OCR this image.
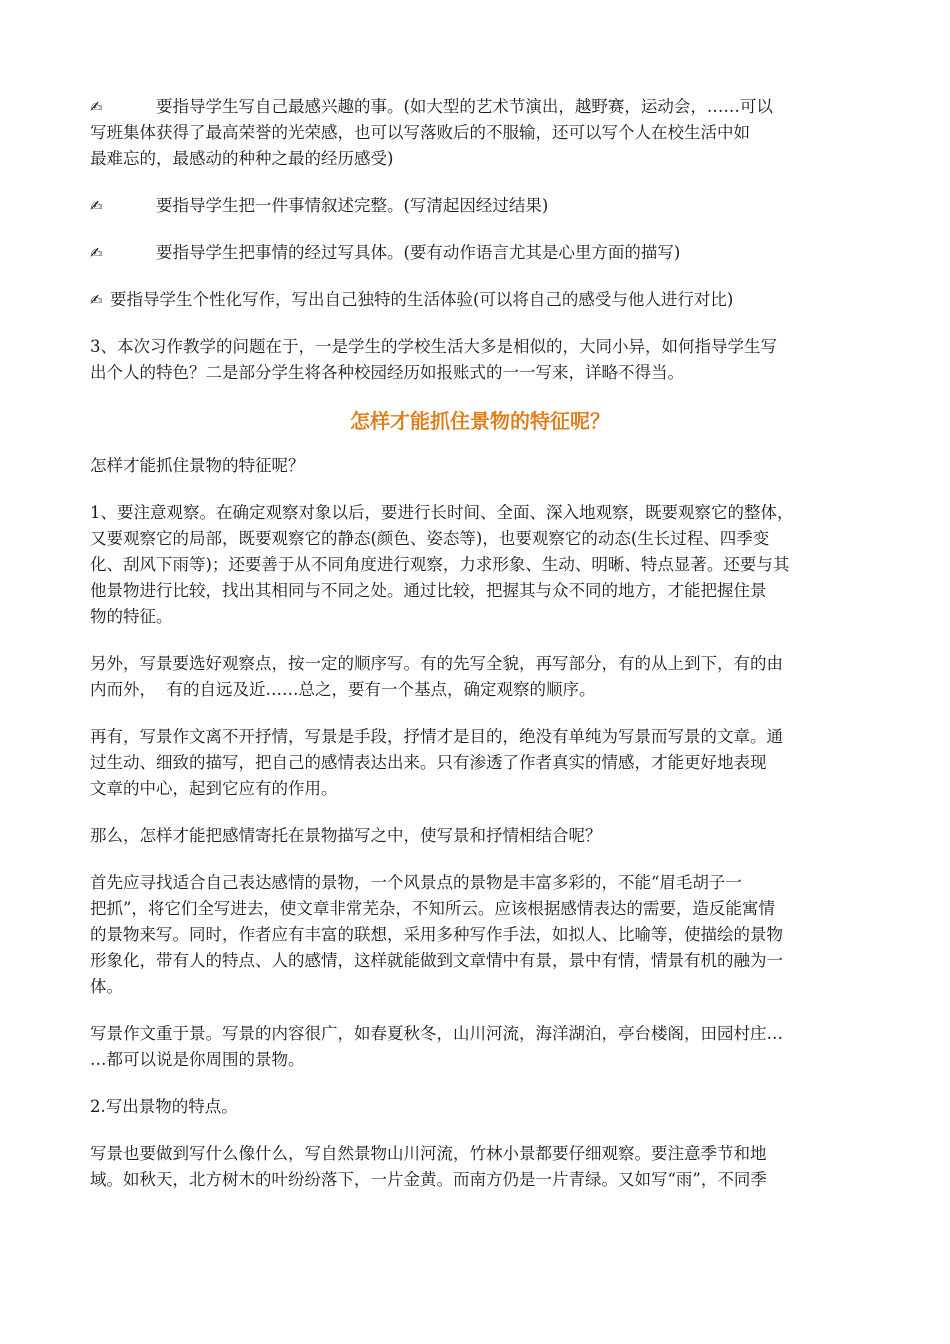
✍	要指导学生写自己最感兴趣的事。(如大型的艺术节演出，越野赛，运动会，……可以
写班集体获得了最高荣誉的光荣感，也可以写落败后的不服输，还可以写个人在校生活中如
最难忘的，最感动的种种之最的经历感受)
✍	要指导学生把一件事情叙述完整。(写清起因经过结果)
✍	要指导学生把事情的经过写具体。(要有动作语言尤其是心里方面的描写)
✍ 要指导学生个性化写作，写出自己独特的生活体验(可以将自己的感受与他人进行对比)
3、本次习作教学的问题在于，一是学生的学校生活大多是相似的，大同小异，如何指导学生写
出个人的特色？二是部分学生将各种校园经历如报账式的一一写来，详略不得当。
怎样才能抓住景物的特征呢？
怎样才能抓住景物的特征呢？
1、要注意观察。在确定观察对象以后，要进行长时间、全面、深入地观察，既要观察它的整体，
又要观察它的局部，既要观察它的静态(颜色、姿态等)，也要观察它的动态(生长过程、四季变
化、刮风下雨等)；还要善于从不同角度进行观察，力求形象、生动、明晰、特点显著。还要与其
他景物进行比较，找出其相同与不同之处。通过比较，把握其与众不同的地方，才能把握住景
物的特征。
另外，写景要选好观察点，按一定的顺序写。有的先写全貌，再写部分，有的从上到下，有的由
内而外，  有的自远及近……总之，要有一个基点，确定观察的顺序。
再有，写景作文离不开抒情，写景是手段，抒情才是目的，绝没有单纯为写景而写景的文章。通
过生动、细致的描写，把自己的感情表达出来。只有渗透了作者真实的情感，才能更好地表现
文章的中心，起到它应有的作用。
那么，怎样才能把感情寄托在景物描写之中，使写景和抒情相结合呢？
首先应寻找适合自己表达感情的景物，一个风景点的景物是丰富多彩的，不能“眉毛胡子一
把抓”，将它们全写进去，使文章非常芜杂，不知所云。应该根据感情表达的需要，造反能寓情
的景物来写。同时，作者应有丰富的联想，采用多种写作手法，如拟人、比喻等，使描绘的景物
形象化，带有人的特点、人的感情，这样就能做到文章情中有景，景中有情，情景有机的融为一
体。
写景作文重于景。写景的内容很广，如春夏秋冬，山川河流，海洋湖泊，亭台楼阁，田园村庄…
…都可以说是你周围的景物。
2.写出景物的特点。
写景也要做到写什么像什么，写自然景物山川河流，竹林小景都要仔细观察。要注意季节和地
域。如秋天，北方树木的叶纷纷落下，一片金黄。而南方仍是一片青绿。又如写“雨”，不同季
